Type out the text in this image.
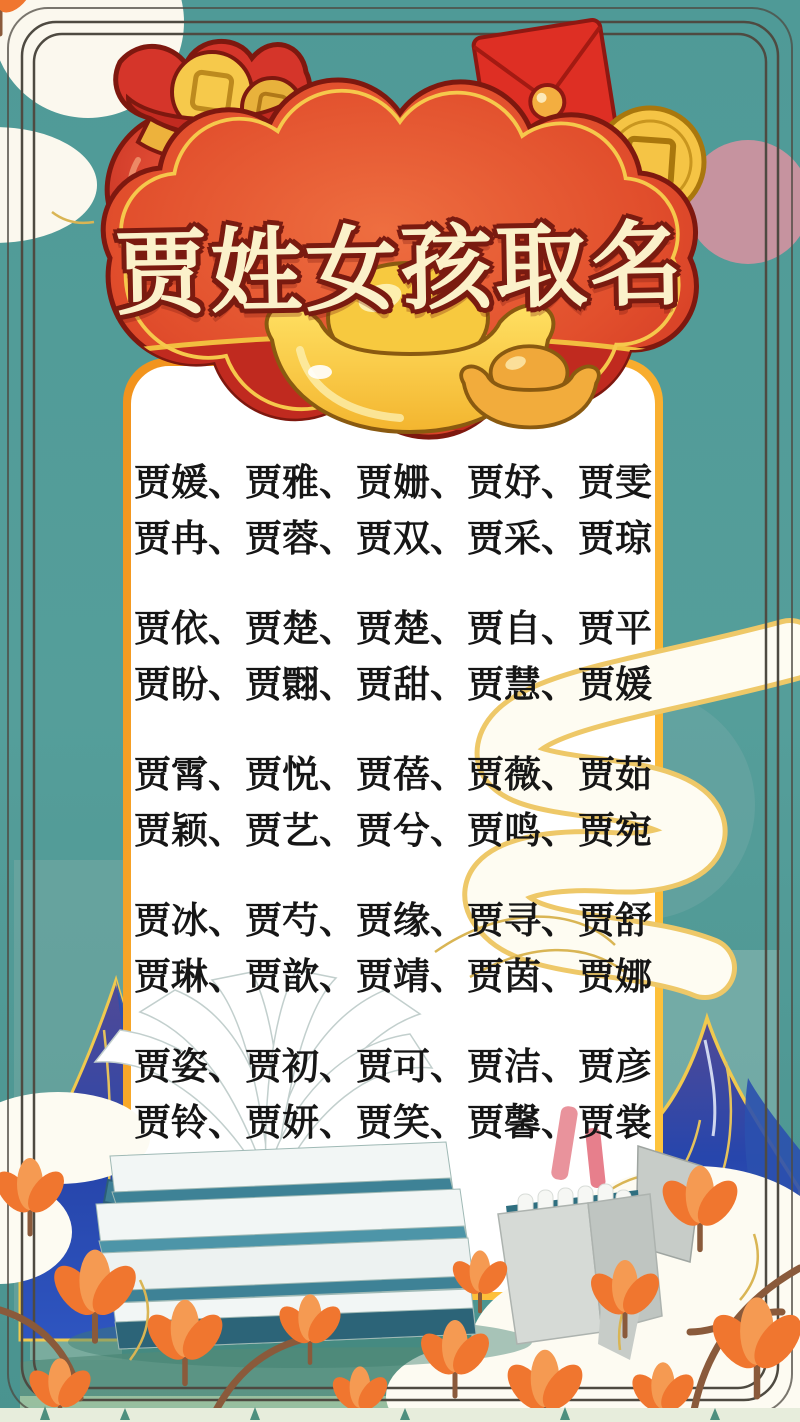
贾姓女孩取名
贾媛、贾雅、贾姗、贾妤、贾雯
贾冉、贾蓉、贾双、贾采、贾琼
贾依、贾楚、贾楚、贾自、贾平
贾盼、贾翾、贾甜、贾慧、贾媛
贾霄、贾悦、贾蓓、贾薇、贾茹
贾颖、贾艺、贾兮、贾鸣、贾宛
贾冰、贾芍、贾缘、贾寻、贾舒
贾琳、贾歆、贾靖、贾茵、贾娜
贾姿、贾初、贾可、贾洁、贾彦
贾铃、贾妍、贾笑、贾馨、贾裳
